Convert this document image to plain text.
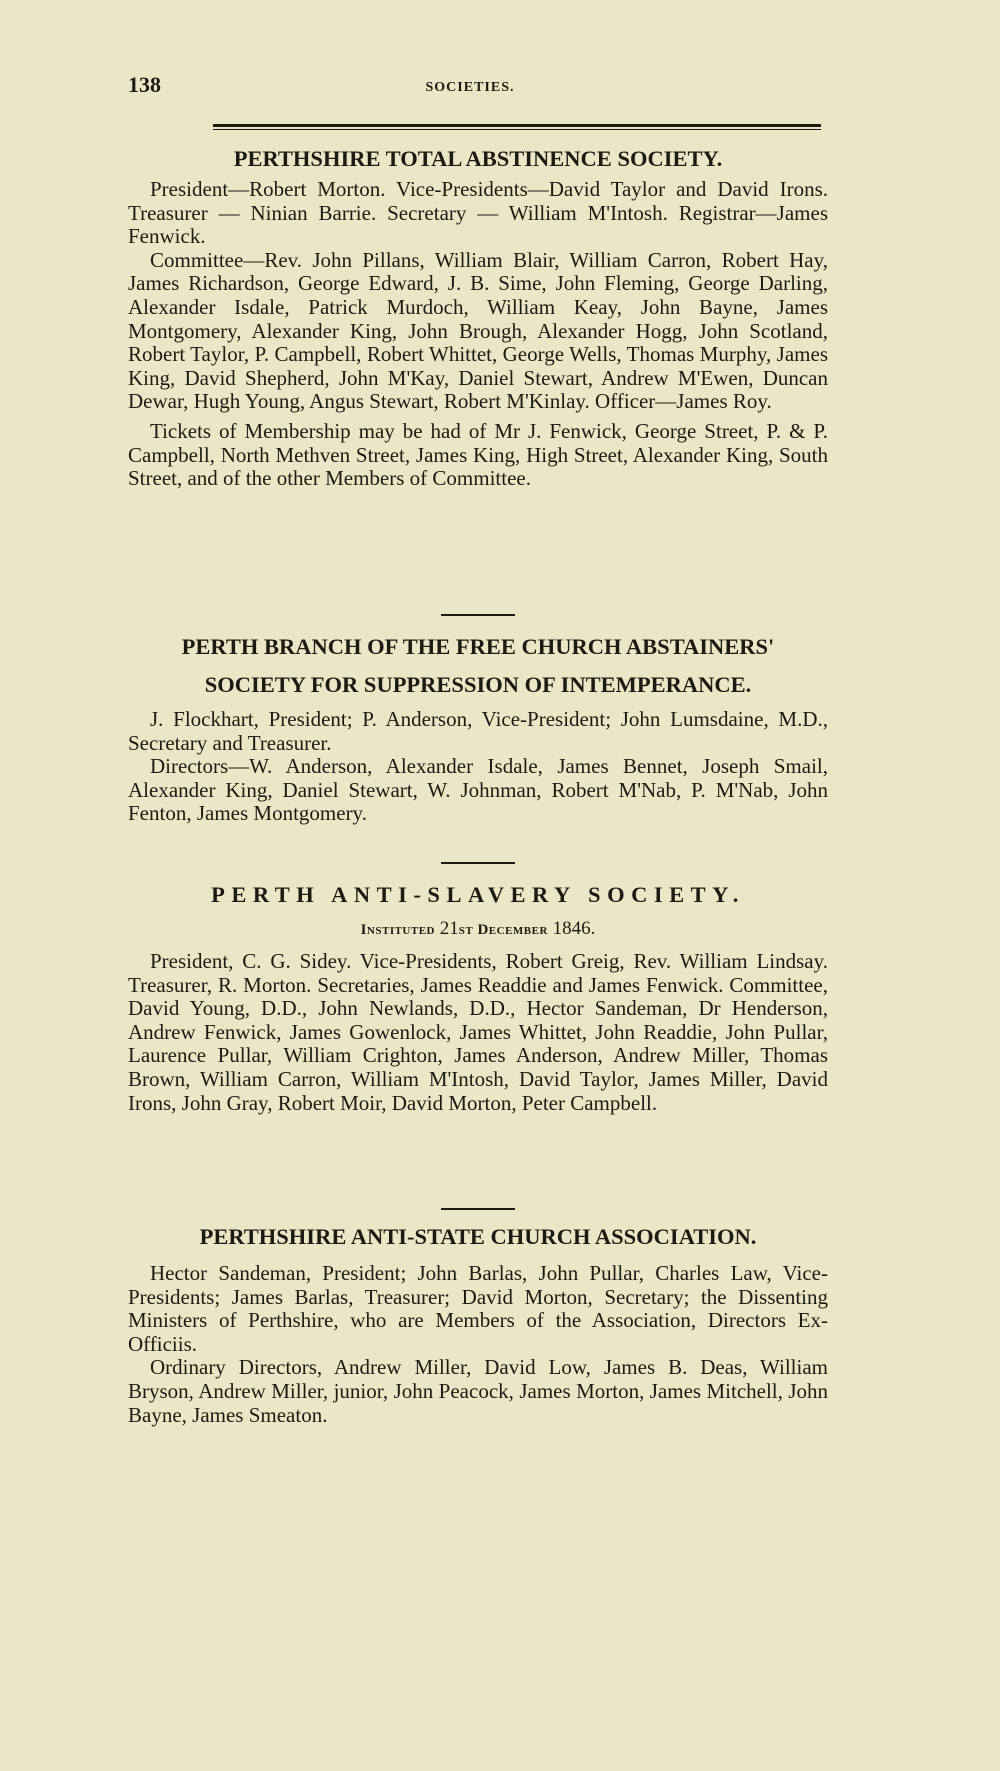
138	SOCIETIES.
PERTHSHIRE TOTAL ABSTINENCE SOCIETY.

President—Robert Morton. Vice-Presidents—David Taylor and David Irons. Treasurer — Ninian Barrie. Secretary — William M'Intosh. Registrar—James Fenwick.

Committee—Rev. John Pillans, William Blair, William Carron, Robert Hay, James Richardson, George Edward, J. B. Sime, John Fleming, George Darling, Alexander Isdale, Patrick Murdoch, William Keay, John Bayne, James Montgomery, Alexander King, John Brough, Alexander Hogg, John Scotland, Robert Taylor, P. Campbell, Robert Whittet, George Wells, Thomas Murphy, James King, David Shepherd, John M'Kay, Daniel Stewart, Andrew M'Ewen, Duncan Dewar, Hugh Young, Angus Stewart, Robert M'Kinlay. Officer—James Roy.

Tickets of Membership may be had of Mr J. Fenwick, George Street, P. & P. Campbell, North Methven Street, James King, High Street, Alexander King, South Street, and of the other Members of Committee.

PERTH BRANCH OF THE FREE CHURCH ABSTAINERS'
SOCIETY FOR SUPPRESSION OF INTEMPERANCE.

J. Flockhart, President; P. Anderson, Vice-President; John Lumsdaine, M.D., Secretary and Treasurer.

Directors—W. Anderson, Alexander Isdale, James Bennet, Joseph Smail, Alexander King, Daniel Stewart, W. Johnman, Robert M'Nab, P. M'Nab, John Fenton, James Montgomery.

PERTH ANTI-SLAVERY SOCIETY.
Instituted 21st December 1846.

President, C. G. Sidey. Vice-Presidents, Robert Greig, Rev. William Lindsay. Treasurer, R. Morton. Secretaries, James Readdie and James Fenwick. Committee, David Young, D.D., John Newlands, D.D., Hector Sandeman, Dr Henderson, Andrew Fenwick, James Gowenlock, James Whittet, John Readdie, John Pullar, Laurence Pullar, William Crighton, James Anderson, Andrew Miller, Thomas Brown, William Carron, William M'Intosh, David Taylor, James Miller, David Irons, John Gray, Robert Moir, David Morton, Peter Campbell.

PERTHSHIRE ANTI-STATE CHURCH ASSOCIATION.

Hector Sandeman, President; John Barlas, John Pullar, Charles Law, Vice-Presidents; James Barlas, Treasurer; David Morton, Secretary; the Dissenting Ministers of Perthshire, who are Members of the Association, Directors Ex-Officiis.

Ordinary Directors, Andrew Miller, David Low, James B. Deas, William Bryson, Andrew Miller, junior, John Peacock, James Morton, James Mitchell, John Bayne, James Smeaton.
